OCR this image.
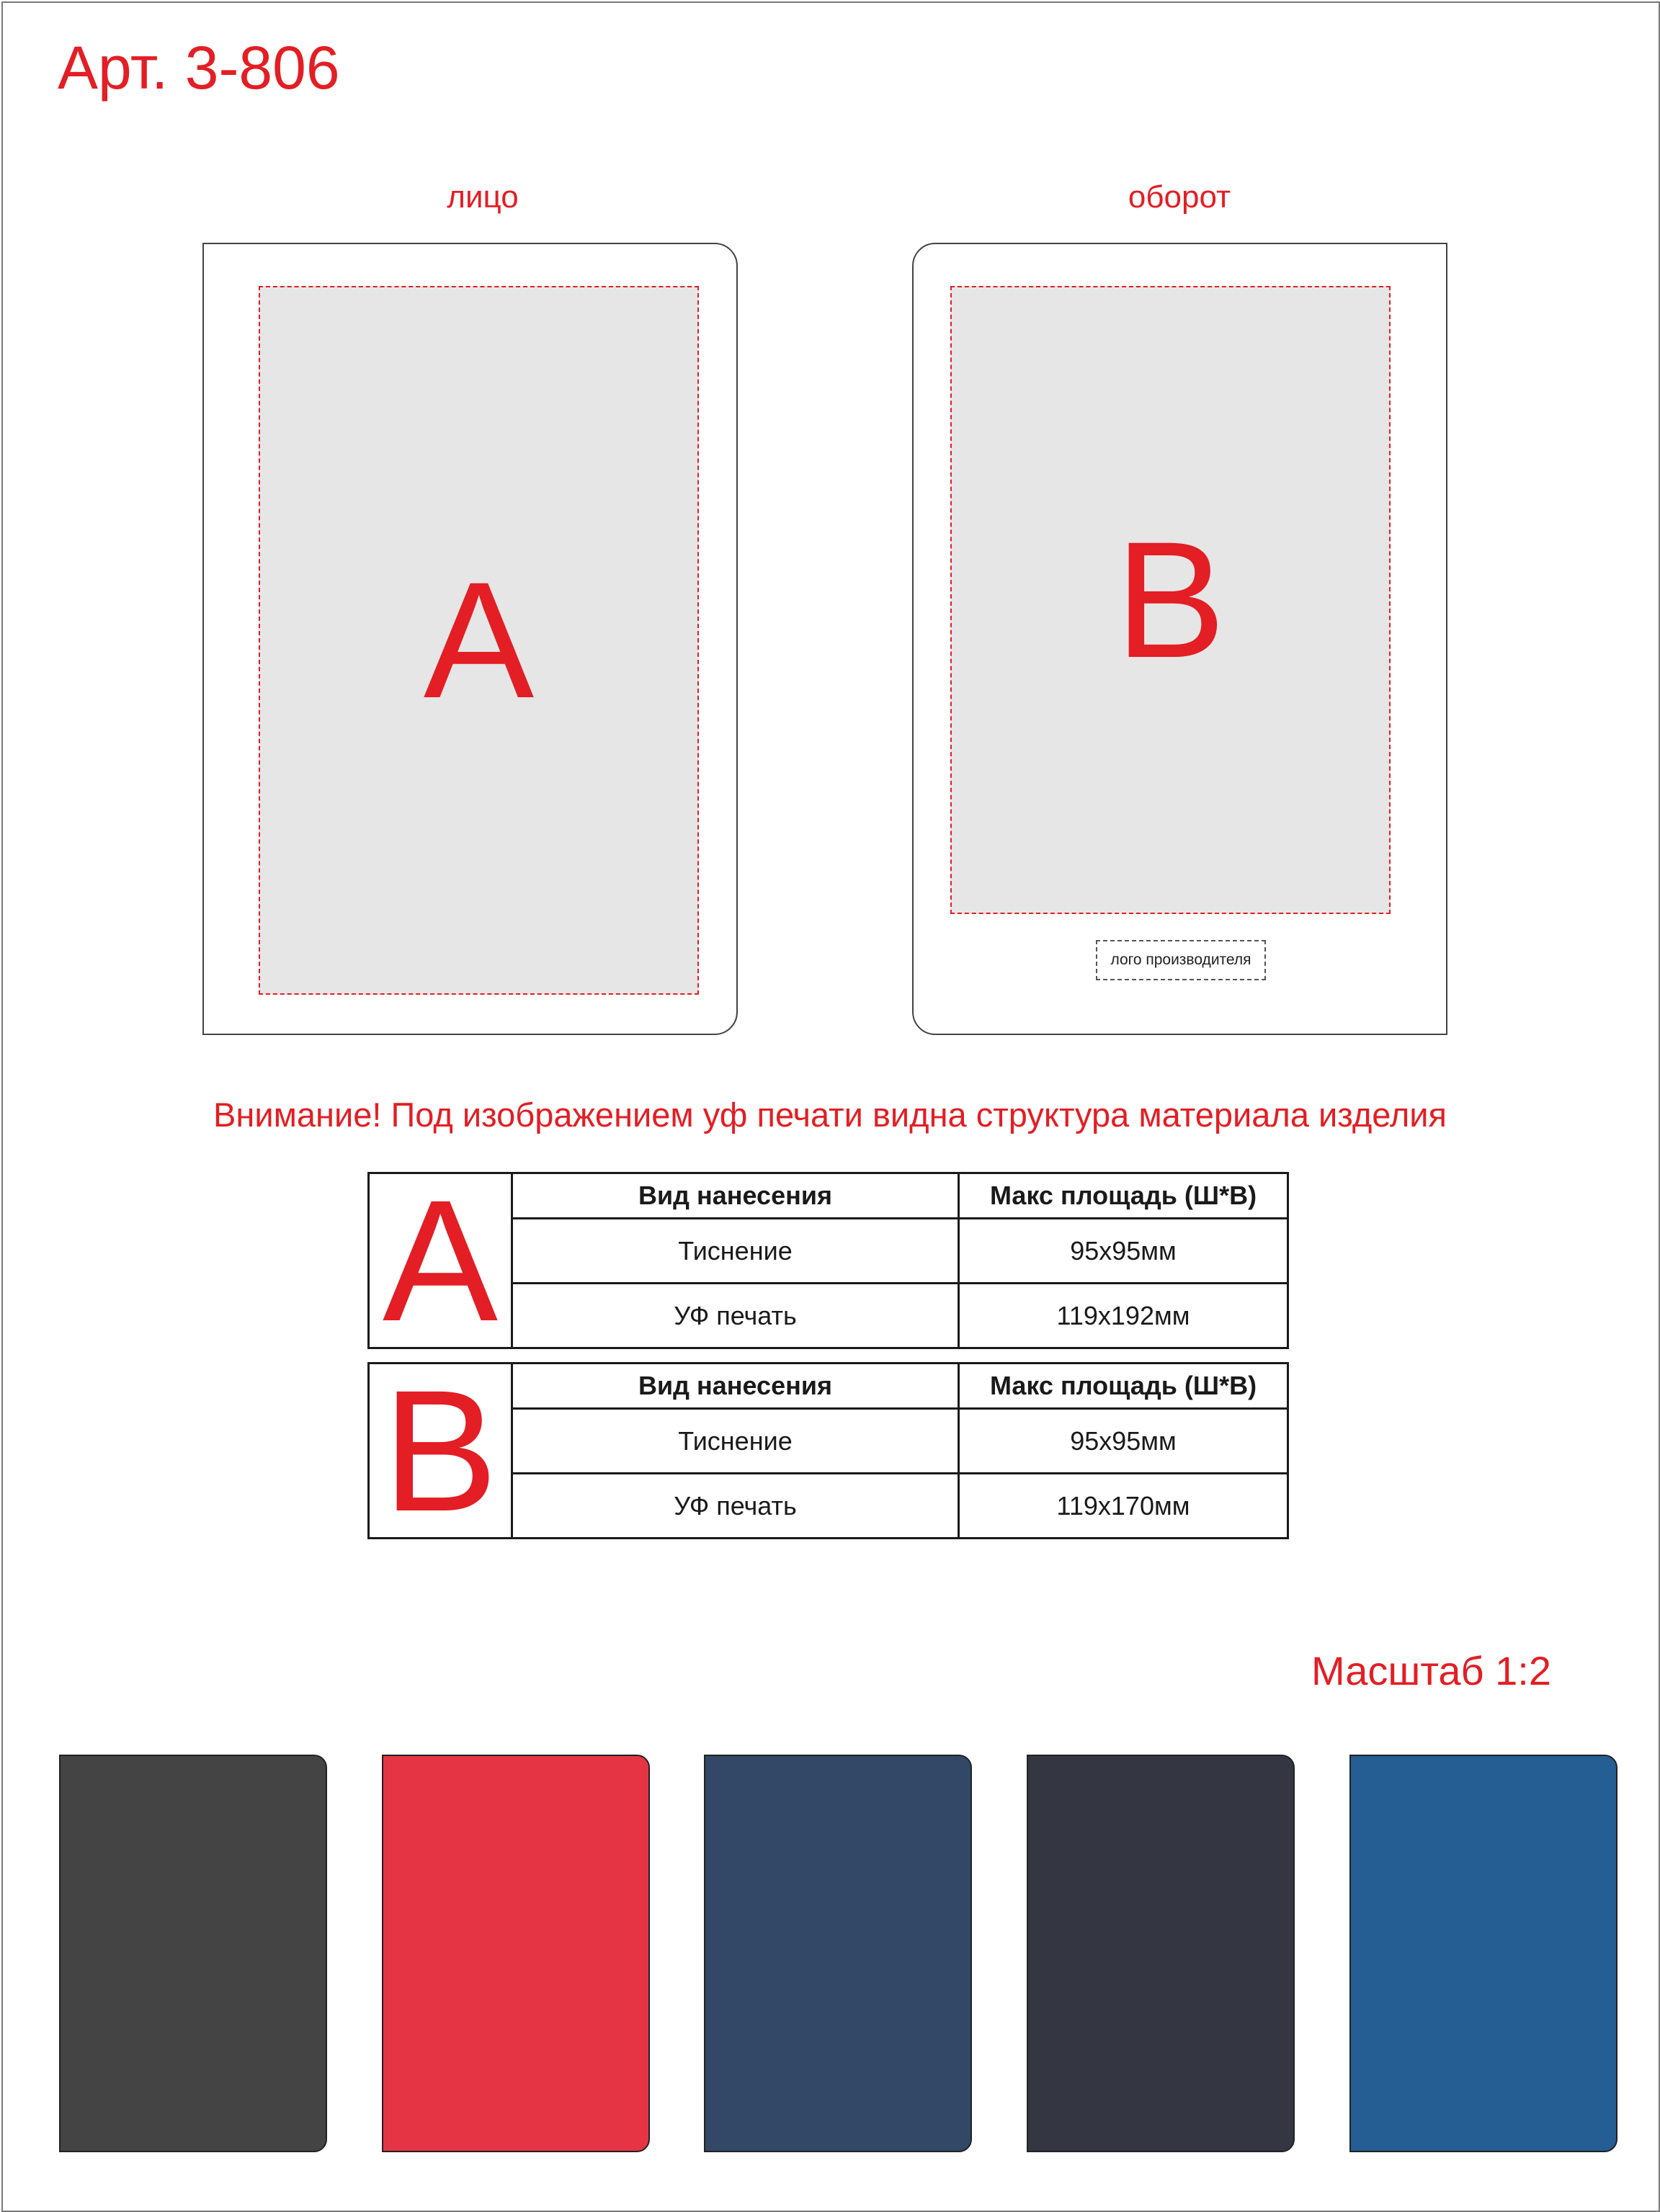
Арт. 3-806
лицо	оборот
A	B
лого производителя
Внимание! Под изображением уф печати видна структура материала изделия
A	Вид нанесения	Макс площадь (Ш*В)
	Тиснение	95x95мм
	УФ печать	119x192мм
B	Вид нанесения	Макс площадь (Ш*В)
	Тиснение	95x95мм
	УФ печать	119x170мм
Масштаб 1:2
